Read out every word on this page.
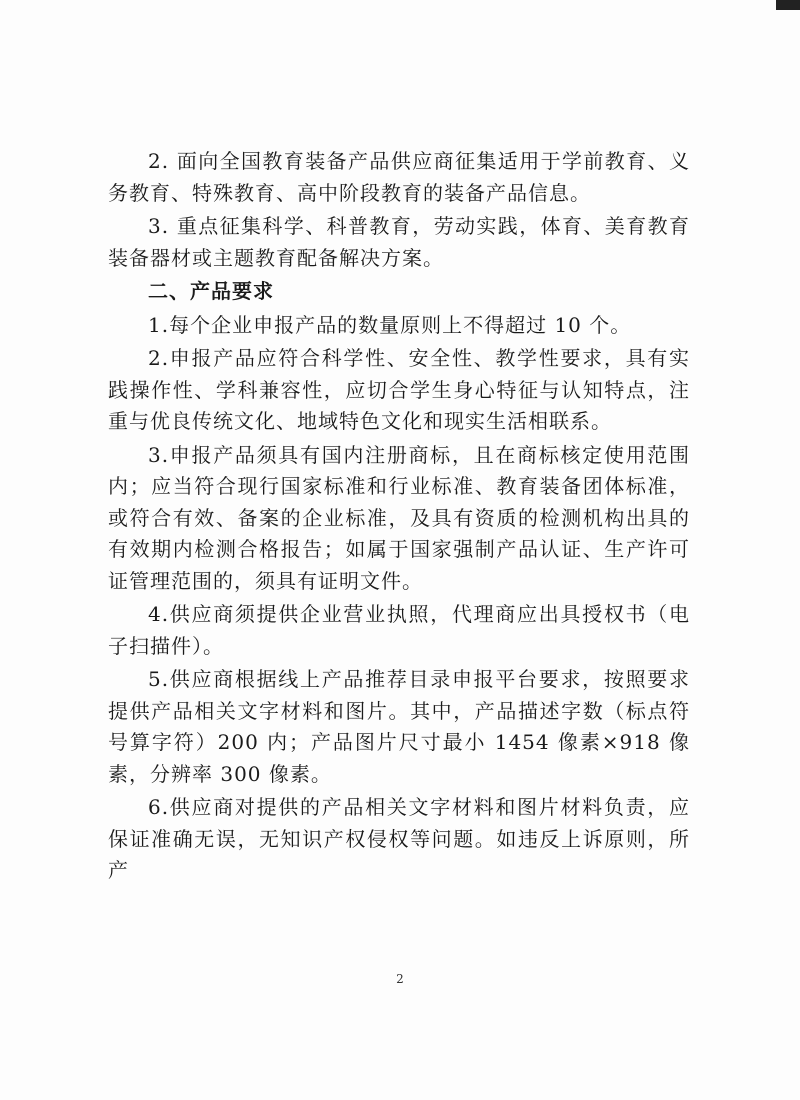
2. 面向全国教育装备产品供应商征集适用于学前教育、义务教育、特殊教育、高中阶段教育的装备产品信息。

3. 重点征集科学、科普教育，劳动实践，体育、美育教育装备器材或主题教育配备解决方案。

二、产品要求

1.每个企业申报产品的数量原则上不得超过 10 个。

2.申报产品应符合科学性、安全性、教学性要求，具有实践操作性、学科兼容性，应切合学生身心特征与认知特点，注重与优良传统文化、地域特色文化和现实生活相联系。

3.申报产品须具有国内注册商标，且在商标核定使用范围内；应当符合现行国家标准和行业标准、教育装备团体标准，或符合有效、备案的企业标准，及具有资质的检测机构出具的有效期内检测合格报告；如属于国家强制产品认证、生产许可证管理范围的，须具有证明文件。

4.供应商须提供企业营业执照，代理商应出具授权书（电子扫描件）。

5.供应商根据线上产品推荐目录申报平台要求，按照要求提供产品相关文字材料和图片。其中，产品描述字数（标点符号算字符）200 内；产品图片尺寸最小 1454 像素×918 像素，分辨率 300 像素。

6.供应商对提供的产品相关文字材料和图片材料负责，应保证准确无误，无知识产权侵权等问题。如违反上诉原则，所产

2
